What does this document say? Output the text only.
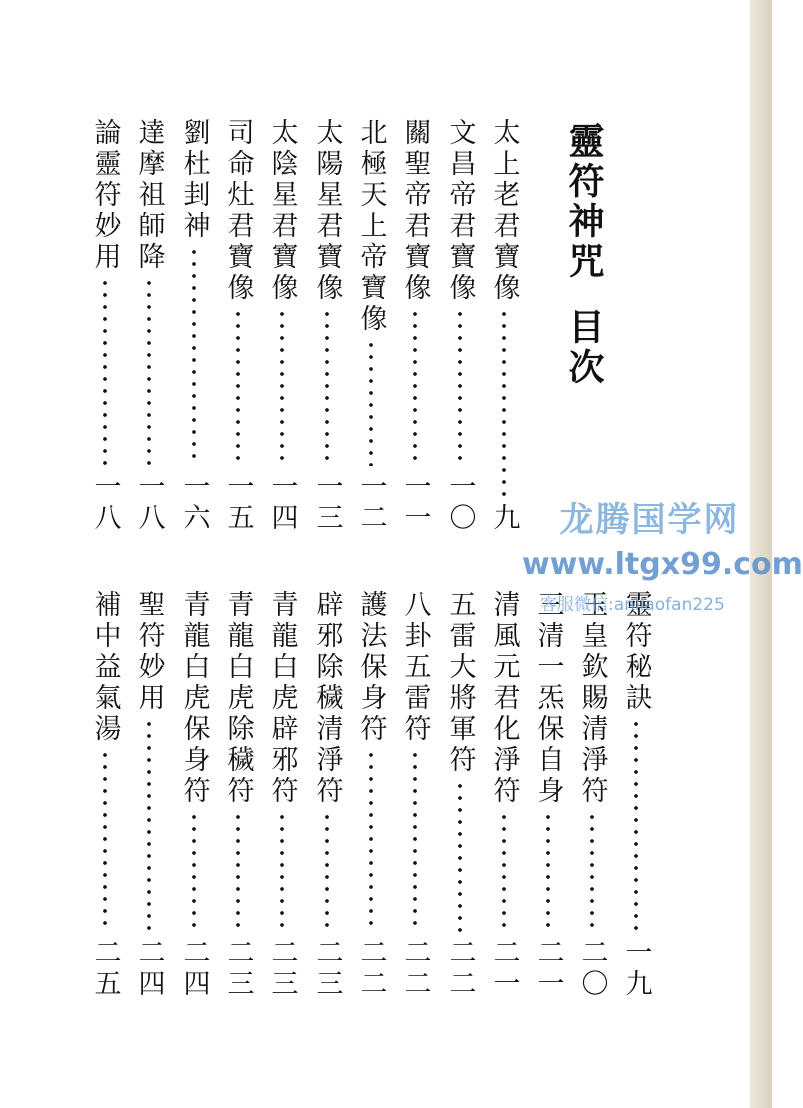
靈符神咒
目次
太上老君寶像
九
文昌帝君寶像
一〇
關聖帝君寶像
一一
北極天上帝寶像
一二
太陽星君寶像
一三
太陰星君寶像
一四
司命灶君寶像
一五
劉杜刲神
一六
達摩祖師降
一八
論靈符妙用
一八
靈符秘訣
一九
玉皇欽賜清淨符
二〇
三清一炁保自身
二一
清風元君化淨符
二一
五雷大將軍符
二二
八卦五雷符
二二
護法保身符
二二
辟邪除穢清淨符
二三
青龍白虎辟邪符
二三
青龍白虎除穢符
二三
青龍白虎保身符
二四
聖符妙用
二四
補中益氣湯
二五
龙腾国学网
www.ltgx99.com
客服微信:anliaofan225
